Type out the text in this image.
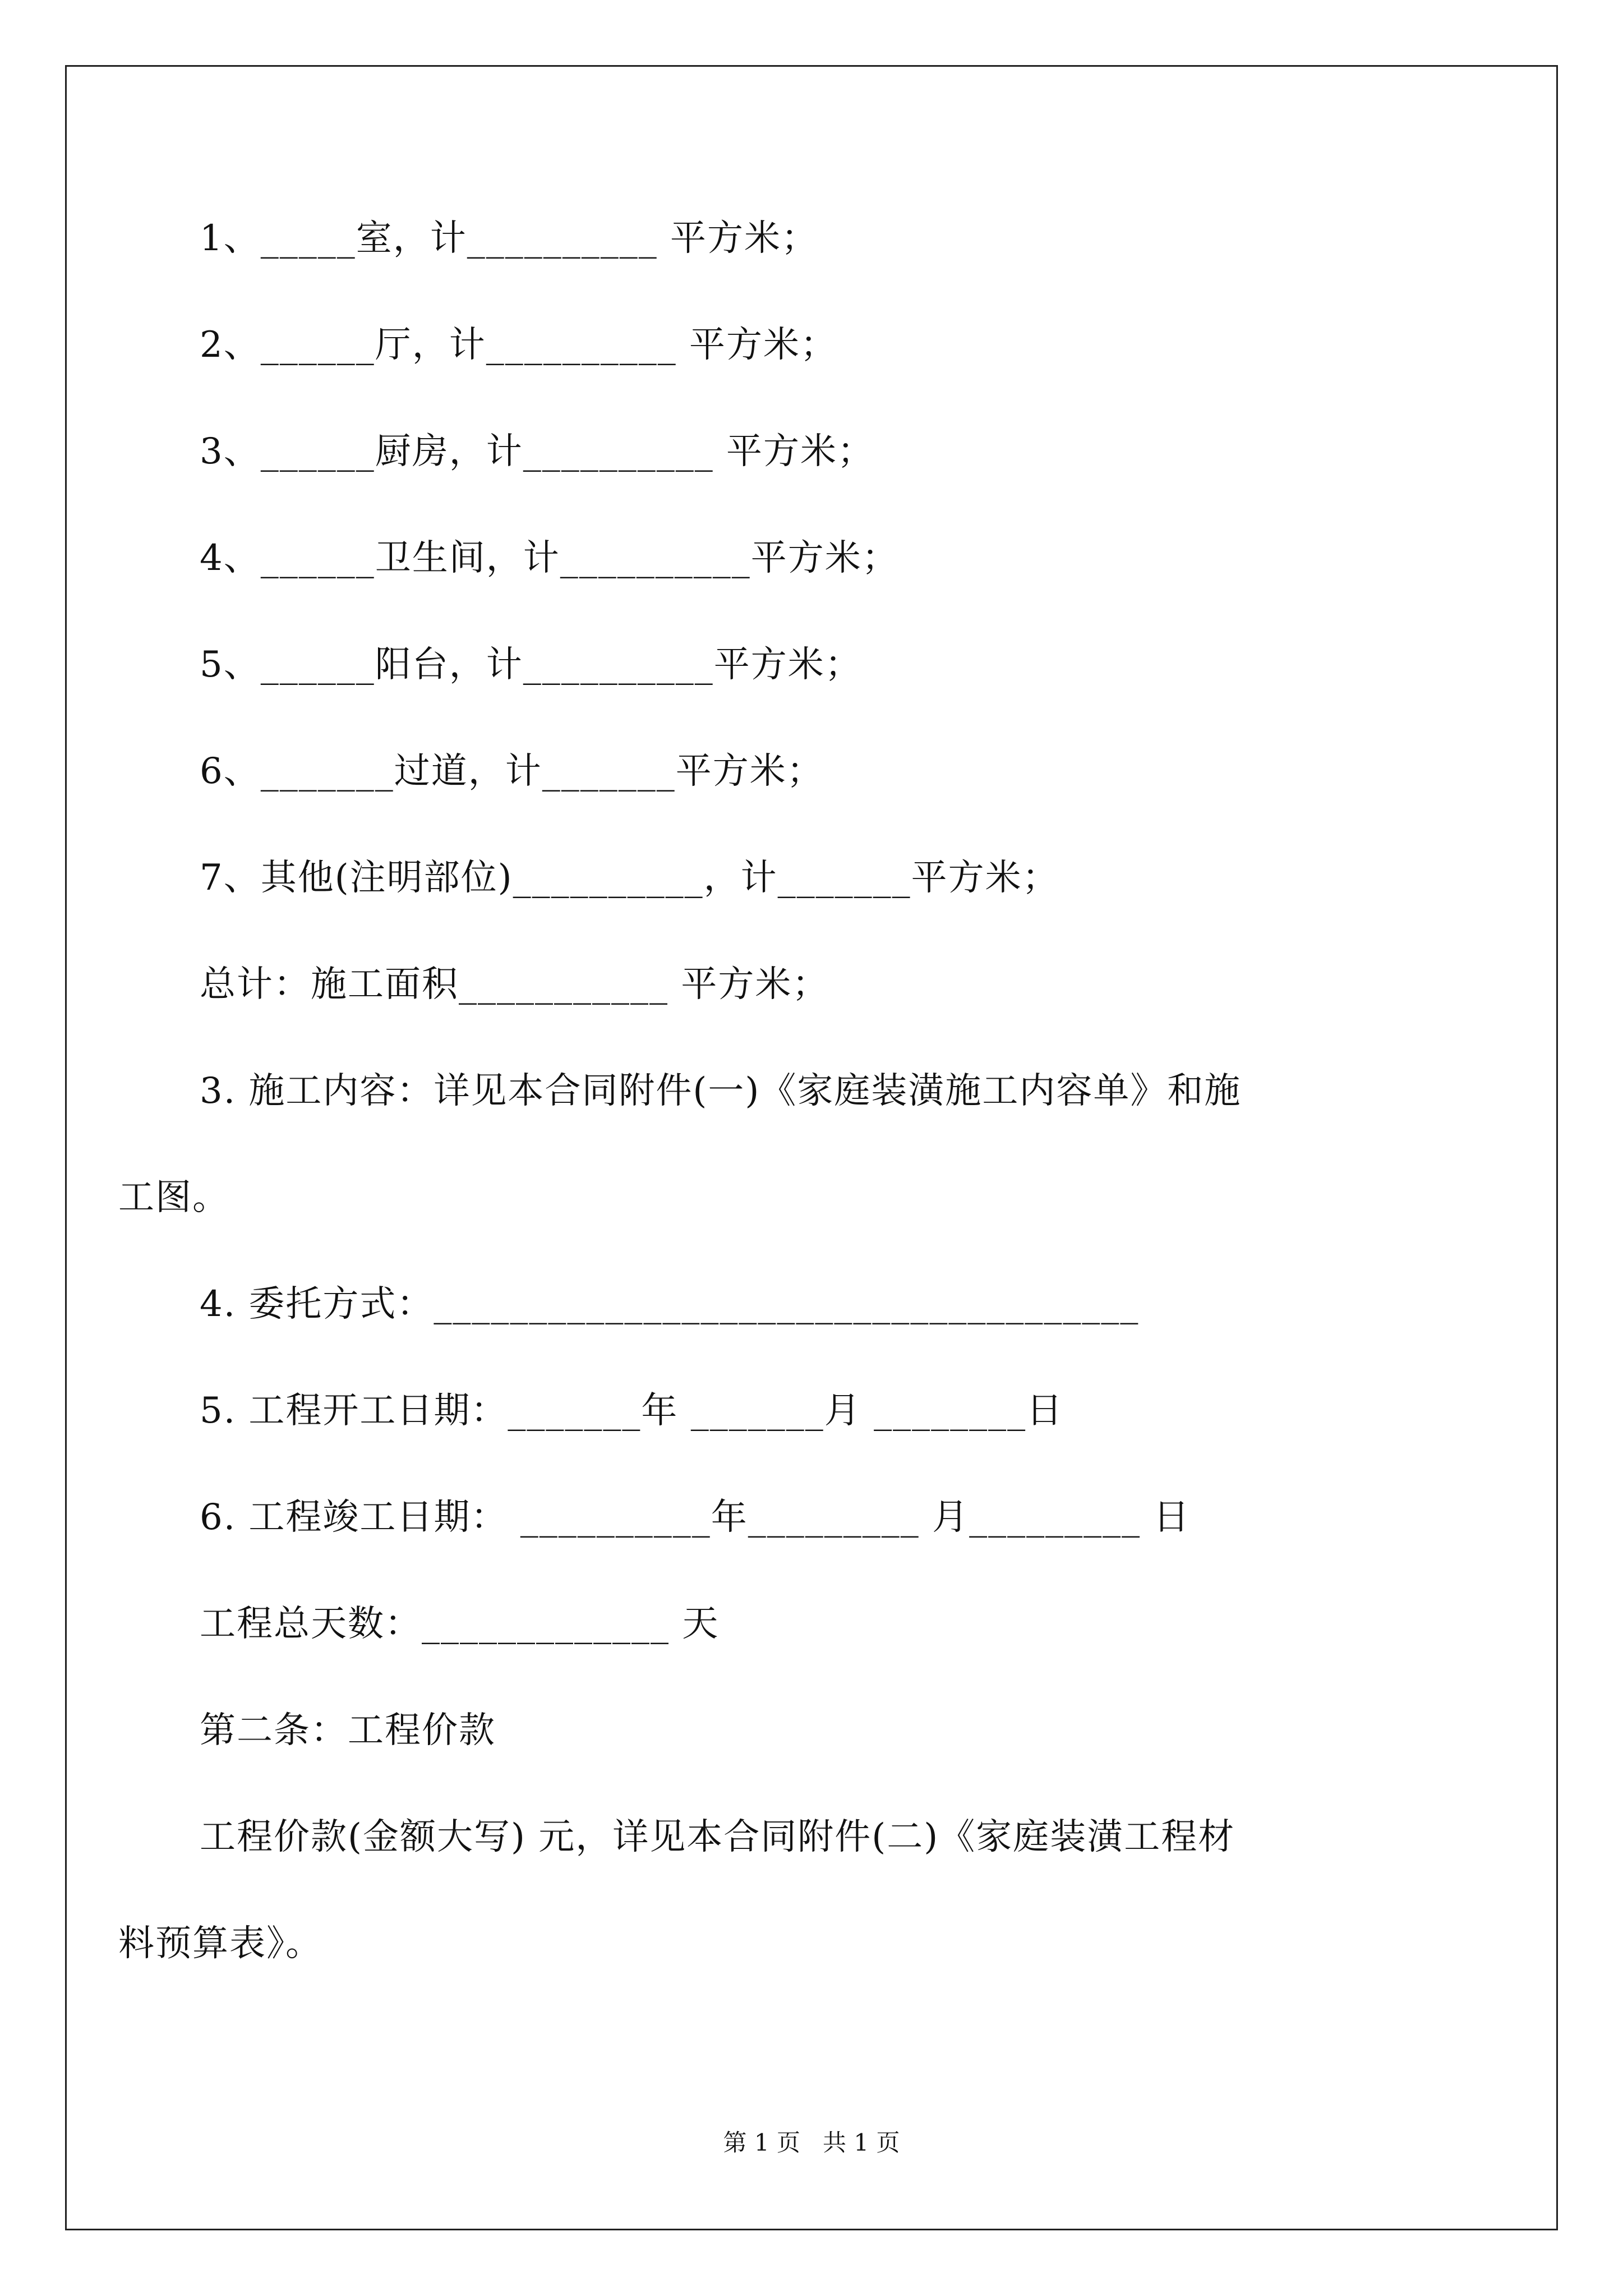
1、_____室，计__________ 平方米；
2、______厅，计__________ 平方米；
3、______厨房，计__________ 平方米；
4、______卫生间，计__________平方米；
5、______阳台，计__________平方米；
6、_______过道，计_______平方米；
7、其他(注明部位)__________，计_______平方米；
总计：施工面积___________ 平方米；
3. 施工内容：详见本合同附件(一)《家庭装潢施工内容单》和施
工图。
4. 委托方式：_____________________________________
5. 工程开工日期：_______年 _______月 ________日
6. 工程竣工日期： __________年_________ 月_________ 日
工程总天数：_____________ 天
第二条：工程价款
工程价款(金额大写) 元，详见本合同附件(二)《家庭装潢工程材
料预算表》。
第 1 页   共 1 页
